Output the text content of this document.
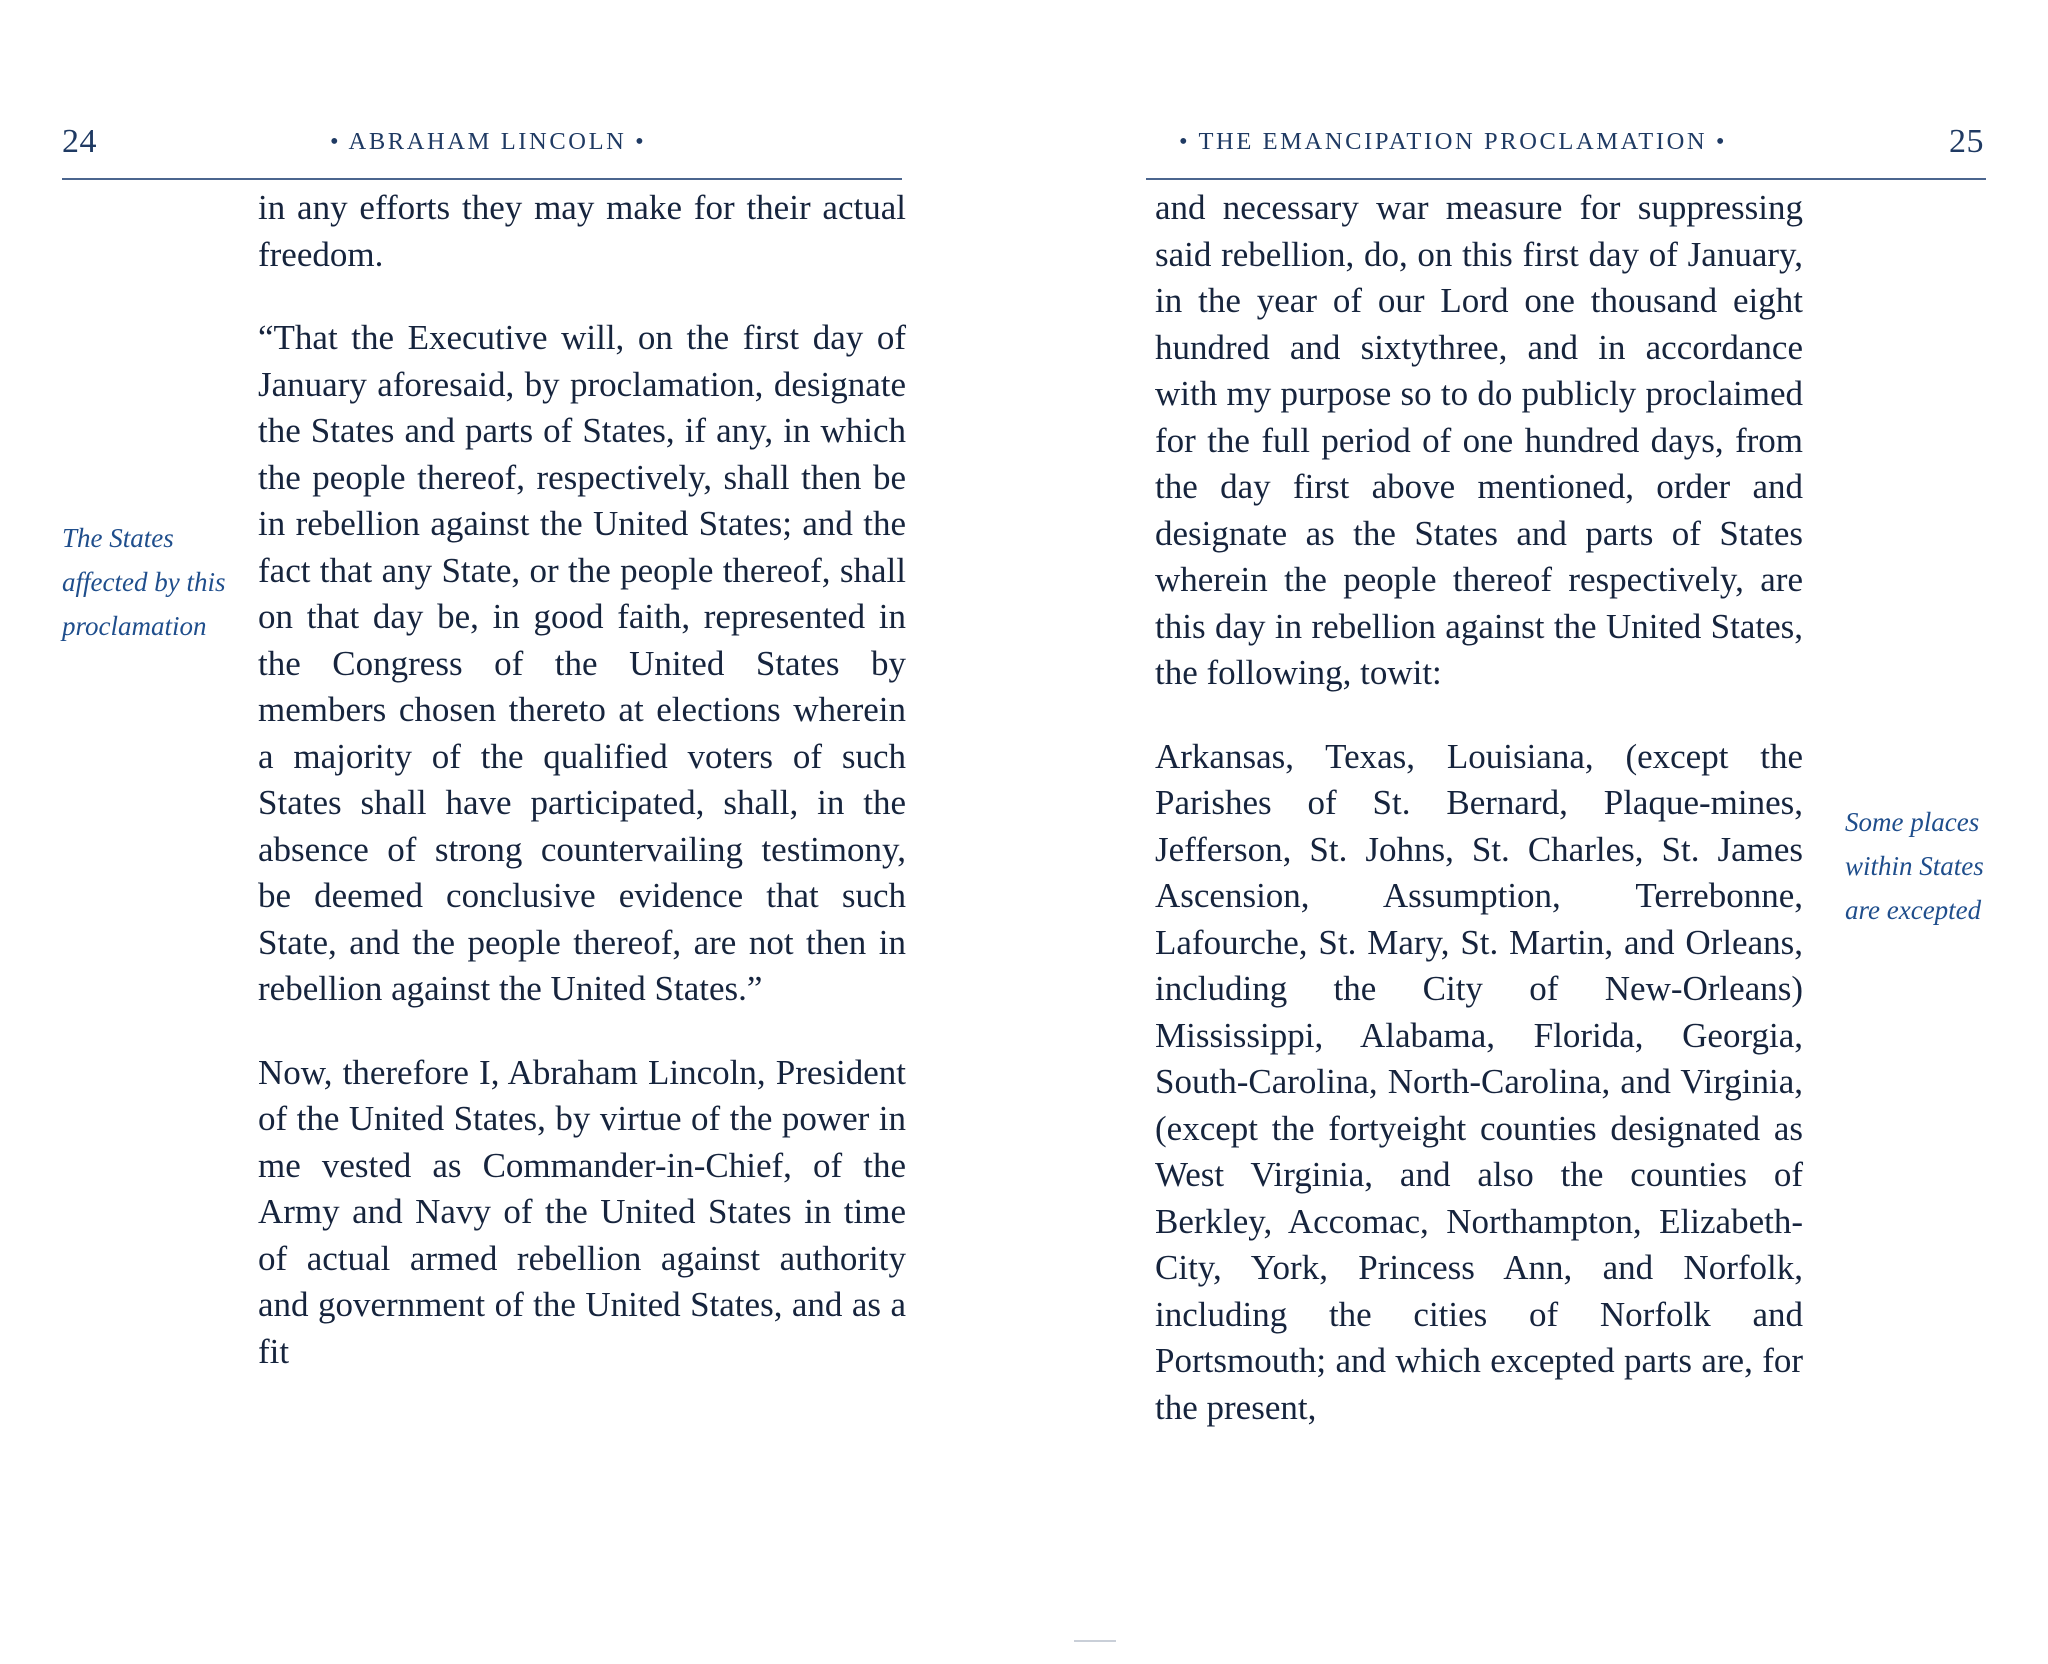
24	• ABRAHAM LINCOLN •
The States affected by this proclamation

in any efforts they may make for their actual freedom.

“That the Executive will, on the first day of January aforesaid, by proclamation, designate the States and parts of States, if any, in which the people thereof, respectively, shall then be in rebellion against the United States; and the fact that any State, or the people thereof, shall on that day be, in good faith, represented in the Congress of the United States by members chosen thereto at elections wherein a majority of the qualified voters of such States shall have participated, shall, in the absence of strong countervailing testimony, be deemed conclusive evidence that such State, and the people thereof, are not then in rebellion against the United States.”

Now, therefore I, Abraham Lincoln, President of the United States, by virtue of the power in me vested as Commander-in-Chief, of the Army and Navy of the United States in time of actual armed rebellion against authority and government of the United States, and as a fit

• THE EMANCIPATION PROCLAMATION •	25

and necessary war measure for suppressing said rebellion, do, on this first day of January, in the year of our Lord one thousand eight hundred and sixtythree, and in accordance with my purpose so to do publicly proclaimed for the full period of one hundred days, from the day first above mentioned, order and designate as the States and parts of States wherein the people thereof respectively, are this day in rebellion against the United States, the following, towit:

Arkansas, Texas, Louisiana, (except the Parishes of St. Bernard, Plaque-mines, Jefferson, St. Johns, St. Charles, St. James Ascension, Assumption, Terrebonne, Lafourche, St. Mary, St. Martin, and Orleans, including the City of New-Orleans) Mississippi, Alabama, Florida, Georgia, South-Carolina, North-Carolina, and Virginia, (except the fortyeight counties designated as West Virginia, and also the counties of Berkley, Accomac, Northampton, Elizabeth-City, York, Princess Ann, and Norfolk, including the cities of Norfolk and Portsmouth; and which excepted parts are, for the present,

Some places within States are excepted
